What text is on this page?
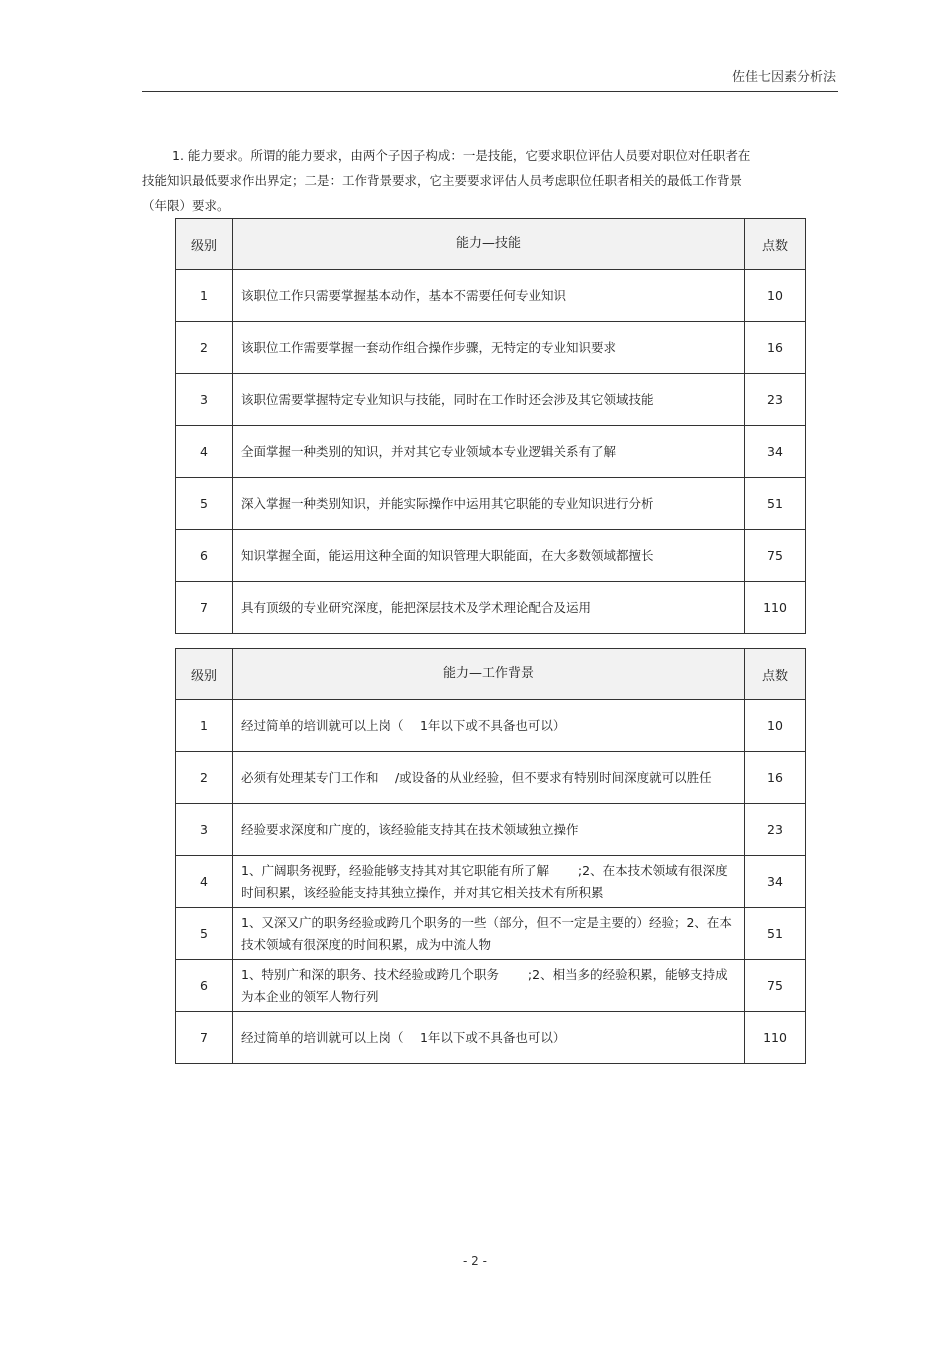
佐佳七因素分析法
1. 能力要求。所谓的能力要求，由两个子因子构成：一是技能，它要求职位评估人员要对职位对任职者在
技能知识最低要求作出界定；二是：工作背景要求，它主要要求评估人员考虑职位任职者相关的最低工作背景
（年限）要求。
级别	能力—技能	点数
1	该职位工作只需要掌握基本动作，基本不需要任何专业知识	10
2	该职位工作需要掌握一套动作组合操作步骤，无特定的专业知识要求	16
3	该职位需要掌握特定专业知识与技能，同时在工作时还会涉及其它领域技能	23
4	全面掌握一种类别的知识，并对其它专业领域本专业逻辑关系有了解	34
5	深入掌握一种类别知识，并能实际操作中运用其它职能的专业知识进行分析	51
6	知识掌握全面，能运用这种全面的知识管理大职能面，在大多数领域都擅长	75
7	具有顶级的专业研究深度，能把深层技术及学术理论配合及运用	110
级别	能力—工作背景	点数
1	经过简单的培训就可以上岗（　 1年以下或不具备也可以）	10
2	必须有处理某专门工作和　 /或设备的从业经验，但不要求有特别时间深度就可以胜任	16
3	经验要求深度和广度的，该经验能支持其在技术领域独立操作	23
4	1、广阔职务视野，经验能够支持其对其它职能有所了解　　 ;2、在本技术领域有很深度时间积累，该经验能支持其独立操作，并对其它相关技术有所积累	34
5	1、又深又广的职务经验或跨几个职务的一些（部分，但不一定是主要的）经验；2、在本技术领域有很深度的时间积累，成为中流人物	51
6	1、特别广和深的职务、技术经验或跨几个职务　　 ;2、相当多的经验积累，能够支持成为本企业的领军人物行列	75
7	经过简单的培训就可以上岗（　 1年以下或不具备也可以）	110
- 2 -
